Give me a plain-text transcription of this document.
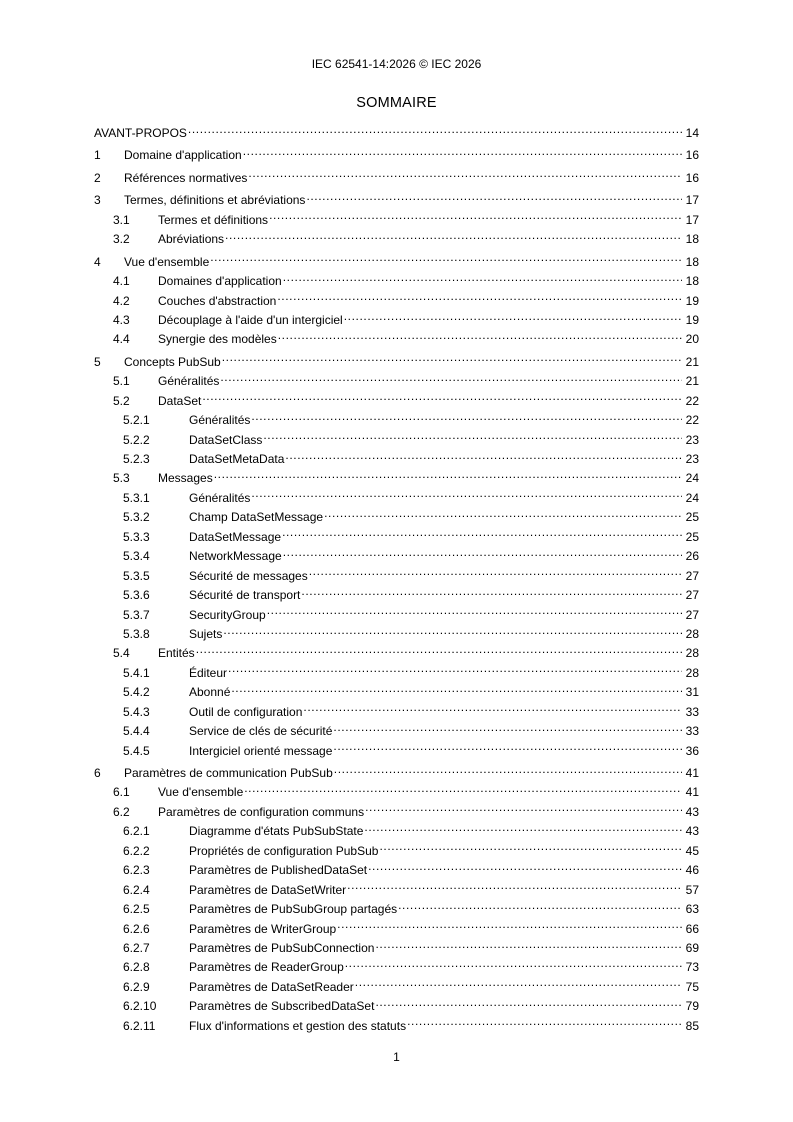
IEC 62541-14:2026 © IEC 2026
SOMMAIRE
AVANT-PROPOS .....	14
1	Domaine d'application .....	16
2	Références normatives .....	16
3	Termes, définitions et abréviations .....	17
3.1	Termes et définitions .....	17
3.2	Abréviations .....	18
4	Vue d'ensemble .....	18
4.1	Domaines d'application .....	18
4.2	Couches d'abstraction .....	19
4.3	Découplage à l'aide d'un intergiciel .....	19
4.4	Synergie des modèles .....	20
5	Concepts PubSub .....	21
5.1	Généralités .....	21
5.2	DataSet .....	22
5.2.1	Généralités .....	22
5.2.2	DataSetClass .....	23
5.2.3	DataSetMetaData .....	23
5.3	Messages .....	24
5.3.1	Généralités .....	24
5.3.2	Champ DataSetMessage .....	25
5.3.3	DataSetMessage .....	25
5.3.4	NetworkMessage .....	26
5.3.5	Sécurité de messages .....	27
5.3.6	Sécurité de transport .....	27
5.3.7	SecurityGroup .....	27
5.3.8	Sujets .....	28
5.4	Entités .....	28
5.4.1	Éditeur .....	28
5.4.2	Abonné .....	31
5.4.3	Outil de configuration .....	33
5.4.4	Service de clés de sécurité .....	33
5.4.5	Intergiciel orienté message .....	36
6	Paramètres de communication PubSub .....	41
6.1	Vue d'ensemble .....	41
6.2	Paramètres de configuration communs .....	43
6.2.1	Diagramme d'états PubSubState .....	43
6.2.2	Propriétés de configuration PubSub .....	45
6.2.3	Paramètres de PublishedDataSet .....	46
6.2.4	Paramètres de DataSetWriter .....	57
6.2.5	Paramètres de PubSubGroup partagés .....	63
6.2.6	Paramètres de WriterGroup .....	66
6.2.7	Paramètres de PubSubConnection .....	69
6.2.8	Paramètres de ReaderGroup .....	73
6.2.9	Paramètres de DataSetReader .....	75
6.2.10	Paramètres de SubscribedDataSet .....	79
6.2.11	Flux d'informations et gestion des statuts .....	85
1
